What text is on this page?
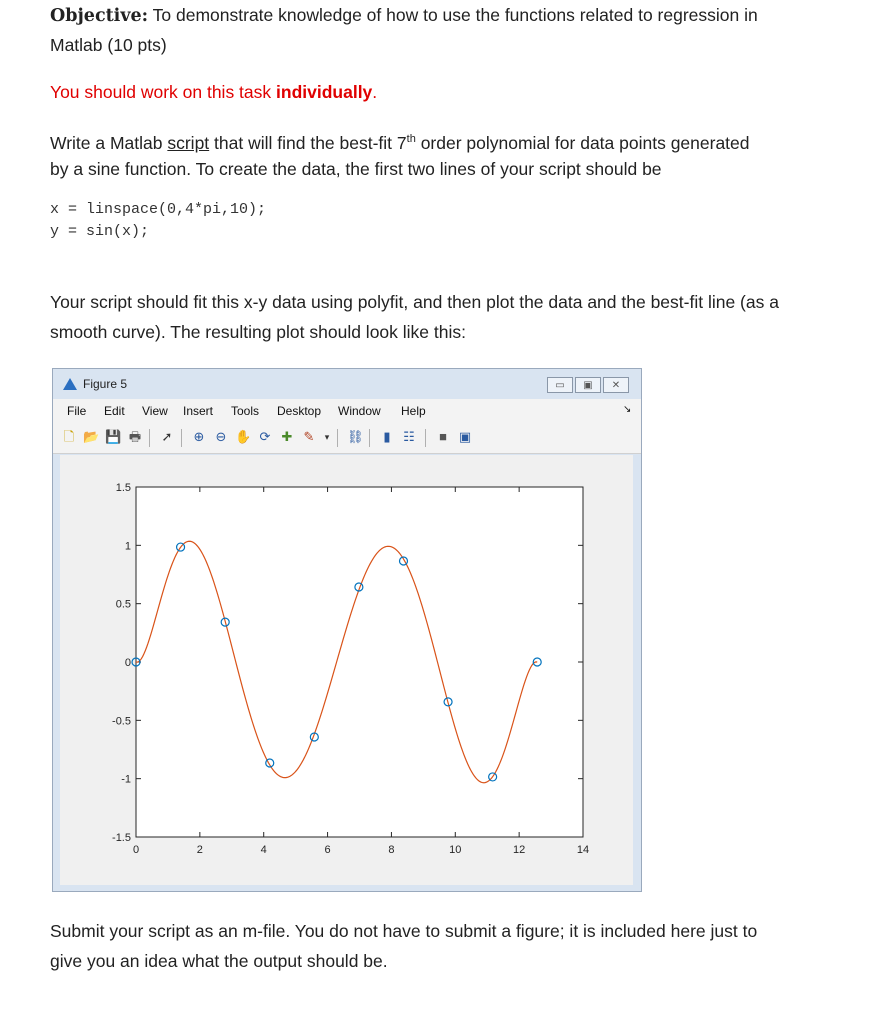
Objective: To demonstrate knowledge of how to use the functions related to regression in

Matlab (10 pts)

You should work on this task individually.

Write a Matlab script that will find the best-fit 7th order polynomial for data points generated

by a sine function. To create the data, the first two lines of your script should be

x = linspace(0,4*pi,10);
y = sin(x);

Your script should fit this x-y data using polyfit, and then plot the data and the best-fit line (as a

smooth curve). The resulting plot should look like this:

Figure 5	▭	▣	✕
File Edit View Insert Tools Desktop Window Help	↘
🗋 📂 💾 🖶 ➚ ⊕ ⊖ ✋ ⟳ ✚ ✎	▾	⛓	▮ ☷	■ ▣
0	2	4	6	8	10	12	14
1.5
1
0.5
0
-0.5
-1
-1.5

Submit your script as an m-file. You do not have to submit a figure; it is included here just to

give you an idea what the output should be.
